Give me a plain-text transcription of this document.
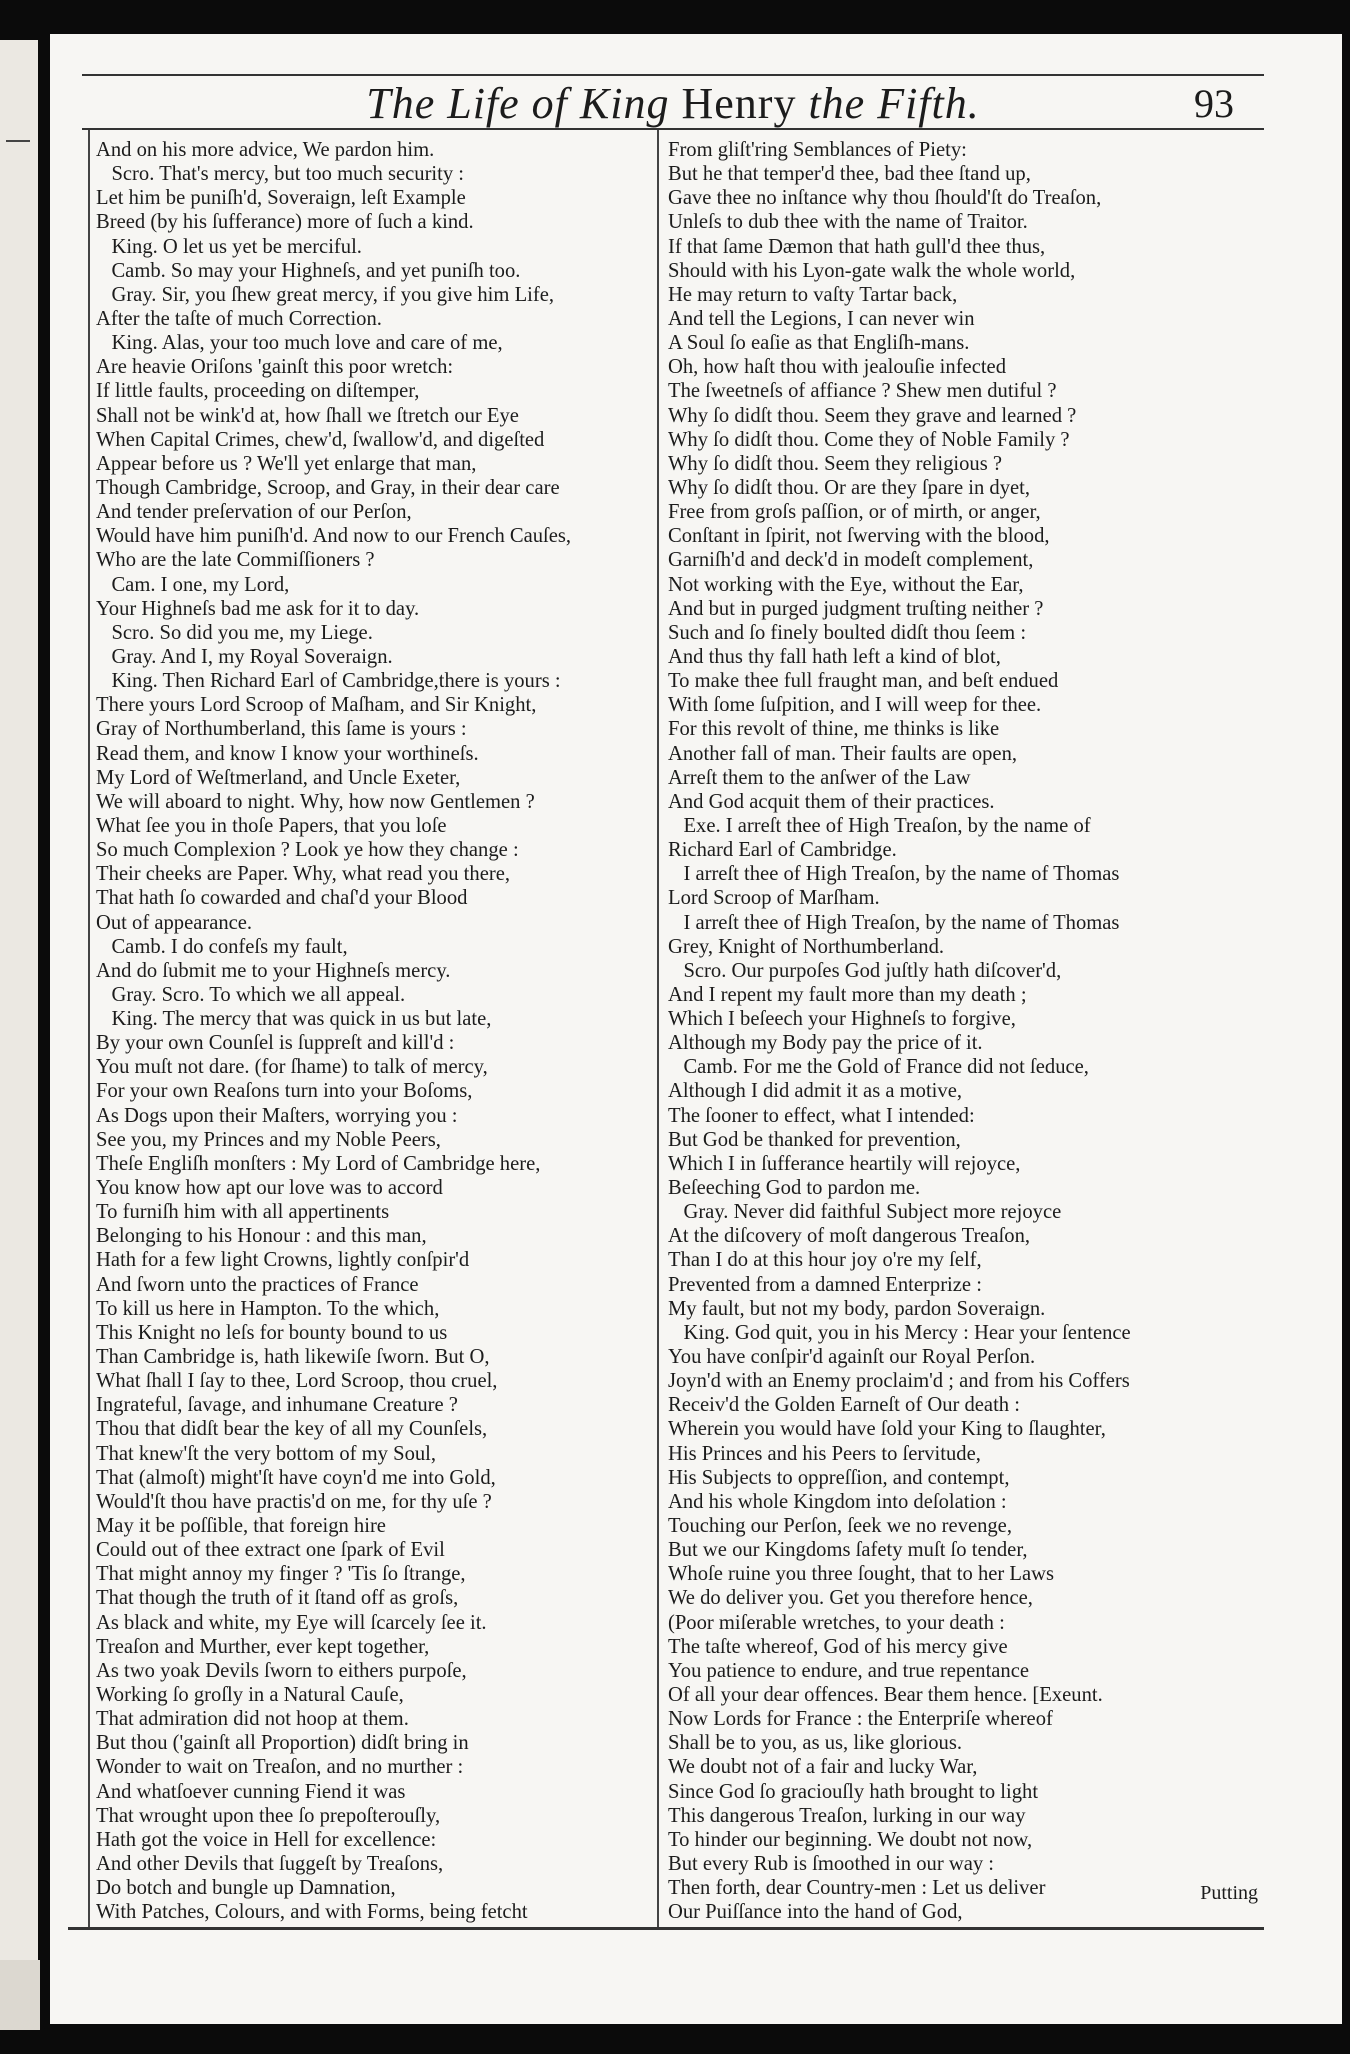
The Life of King Henry the Fifth.	93
And on his more advice, We pardon him.
Scro. That's mercy, but too much security :
Let him be puniſh'd, Soveraign, leſt Example
Breed (by his ſufferance) more of ſuch a kind.
King. O let us yet be merciful.
Camb. So may your Highneſs, and yet puniſh too.
Gray. Sir, you ſhew great mercy, if you give him Life,
After the taſte of much Correction.
King. Alas, your too much love and care of me,
Are heavie Oriſons 'gainſt this poor wretch:
If little faults, proceeding on diſtemper,
Shall not be wink'd at, how ſhall we ſtretch our Eye
When Capital Crimes, chew'd, ſwallow'd, and digeſted
Appear before us ? We'll yet enlarge that man,
Though Cambridge, Scroop, and Gray, in their dear care
And tender preſervation of our Perſon,
Would have him puniſh'd. And now to our French Cauſes,
Who are the late Commiſſioners ?
Cam. I one, my Lord,
Your Highneſs bad me ask for it to day.
Scro. So did you me, my Liege.
Gray. And I, my Royal Soveraign.
King. Then Richard Earl of Cambridge,there is yours :
There yours Lord Scroop of Maſham, and Sir Knight,
Gray of Northumberland, this ſame is yours :
Read them, and know I know your worthineſs.
My Lord of Weſtmerland, and Uncle Exeter,
We will aboard to night. Why, how now Gentlemen ?
What ſee you in thoſe Papers, that you loſe
So much Complexion ? Look ye how they change :
Their cheeks are Paper. Why, what read you there,
That hath ſo cowarded and chaſ'd your Blood
Out of appearance.
Camb. I do confeſs my fault,
And do ſubmit me to your Highneſs mercy.
Gray. Scro. To which we all appeal.
King. The mercy that was quick in us but late,
By your own Counſel is ſuppreſt and kill'd :
You muſt not dare. (for ſhame) to talk of mercy,
For your own Reaſons turn into your Boſoms,
As Dogs upon their Maſters, worrying you :
See you, my Princes and my Noble Peers,
Theſe Engliſh monſters : My Lord of Cambridge here,
You know how apt our love was to accord
To furniſh him with all appertinents
Belonging to his Honour : and this man,
Hath for a few light Crowns, lightly conſpir'd
And ſworn unto the practices of France
To kill us here in Hampton. To the which,
This Knight no leſs for bounty bound to us
Than Cambridge is, hath likewiſe ſworn. But O,
What ſhall I ſay to thee, Lord Scroop, thou cruel,
Ingrateful, ſavage, and inhumane Creature ?
Thou that didſt bear the key of all my Counſels,
That knew'ſt the very bottom of my Soul,
That (almoſt) might'ſt have coyn'd me into Gold,
Would'ſt thou have practis'd on me, for thy uſe ?
May it be poſſible, that foreign hire
Could out of thee extract one ſpark of Evil
That might annoy my finger ? 'Tis ſo ſtrange,
That though the truth of it ſtand off as groſs,
As black and white, my Eye will ſcarcely ſee it.
Treaſon and Murther, ever kept together,
As two yoak Devils ſworn to eithers purpoſe,
Working ſo groſly in a Natural Cauſe,
That admiration did not hoop at them.
But thou ('gainſt all Proportion) didſt bring in
Wonder to wait on Treaſon, and no murther :
And whatſoever cunning Fiend it was
That wrought upon thee ſo prepoſterouſly,
Hath got the voice in Hell for excellence:
And other Devils that ſuggeſt by Treaſons,
Do botch and bungle up Damnation,
With Patches, Colours, and with Forms, being fetcht
From gliſt'ring Semblances of Piety:
But he that temper'd thee, bad thee ſtand up,
Gave thee no inſtance why thou ſhould'ſt do Treaſon,
Unleſs to dub thee with the name of Traitor.
If that ſame Dæmon that hath gull'd thee thus,
Should with his Lyon-gate walk the whole world,
He may return to vaſty Tartar back,
And tell the Legions, I can never win
A Soul ſo eaſie as that Engliſh-mans.
Oh, how haſt thou with jealouſie infected
The ſweetneſs of affiance ? Shew men dutiful ?
Why ſo didſt thou. Seem they grave and learned ?
Why ſo didſt thou. Come they of Noble Family ?
Why ſo didſt thou. Seem they religious ?
Why ſo didſt thou. Or are they ſpare in dyet,
Free from groſs paſſion, or of mirth, or anger,
Conſtant in ſpirit, not ſwerving with the blood,
Garniſh'd and deck'd in modeſt complement,
Not working with the Eye, without the Ear,
And but in purged judgment truſting neither ?
Such and ſo finely boulted didſt thou ſeem :
And thus thy fall hath left a kind of blot,
To make thee full fraught man, and beſt endued
With ſome ſuſpition, and I will weep for thee.
For this revolt of thine, me thinks is like
Another fall of man. Their faults are open,
Arreſt them to the anſwer of the Law
And God acquit them of their practices.
Exe. I arreſt thee of High Treaſon, by the name of
Richard Earl of Cambridge.
I arreſt thee of High Treaſon, by the name of Thomas
Lord Scroop of Marſham.
I arreſt thee of High Treaſon, by the name of Thomas
Grey, Knight of Northumberland.
Scro. Our purpoſes God juſtly hath diſcover'd,
And I repent my fault more than my death ;
Which I beſeech your Highneſs to forgive,
Although my Body pay the price of it.
Camb. For me the Gold of France did not ſeduce,
Although I did admit it as a motive,
The ſooner to effect, what I intended:
But God be thanked for prevention,
Which I in ſufferance heartily will rejoyce,
Beſeeching God to pardon me.
Gray. Never did faithful Subject more rejoyce
At the diſcovery of moſt dangerous Treaſon,
Than I do at this hour joy o're my ſelf,
Prevented from a damned Enterprize :
My fault, but not my body, pardon Soveraign.
King. God quit, you in his Mercy : Hear your ſentence
You have conſpir'd againſt our Royal Perſon.
Joyn'd with an Enemy proclaim'd ; and from his Coffers
Receiv'd the Golden Earneſt of Our death :
Wherein you would have ſold your King to ſlaughter,
His Princes and his Peers to ſervitude,
His Subjects to oppreſſion, and contempt,
And his whole Kingdom into deſolation :
Touching our Perſon, ſeek we no revenge,
But we our Kingdoms ſafety muſt ſo tender,
Whoſe ruine you three ſought, that to her Laws
We do deliver you. Get you therefore hence,
(Poor miſerable wretches, to your death :
The taſte whereof, God of his mercy give
You patience to endure, and true repentance
Of all your dear offences. Bear them hence. [Exeunt.
Now Lords for France : the Enterpriſe whereof
Shall be to you, as us, like glorious.
We doubt not of a fair and lucky War,
Since God ſo graciouſly hath brought to light
This dangerous Treaſon, lurking in our way
To hinder our beginning. We doubt not now,
But every Rub is ſmoothed in our way :
Then forth, dear Country-men : Let us deliver
Our Puiſſance into the hand of God,
Putting
